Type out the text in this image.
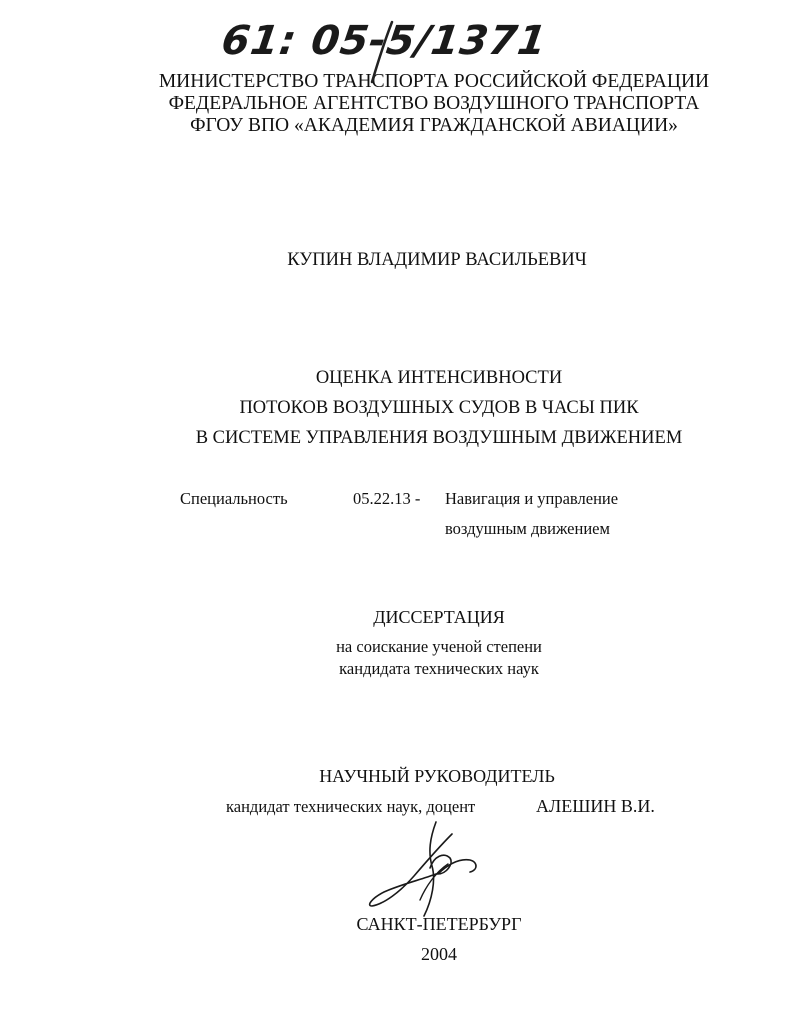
61: 05-5/1371
МИНИСТЕРСТВО ТРАНСПОРТА РОССИЙСКОЙ ФЕДЕРАЦИИ
ФЕДЕРАЛЬНОЕ АГЕНТСТВО ВОЗДУШНОГО ТРАНСПОРТА
ФГОУ ВПО «АКАДЕМИЯ ГРАЖДАНСКОЙ АВИАЦИИ»
КУПИН ВЛАДИМИР ВАСИЛЬЕВИЧ
ОЦЕНКА ИНТЕНСИВНОСТИ
ПОТОКОВ ВОЗДУШНЫХ СУДОВ В ЧАСЫ ПИК
В СИСТЕМЕ УПРАВЛЕНИЯ ВОЗДУШНЫМ ДВИЖЕНИЕМ
Специальность	05.22.13 - Навигация и управление
воздушным движением
ДИССЕРТАЦИЯ
на соискание ученой степени
кандидата технических наук
НАУЧНЫЙ РУКОВОДИТЕЛЬ
кандидат технических наук, доцент	АЛЕШИН В.И.
САНКТ-ПЕТЕРБУРГ
2004
